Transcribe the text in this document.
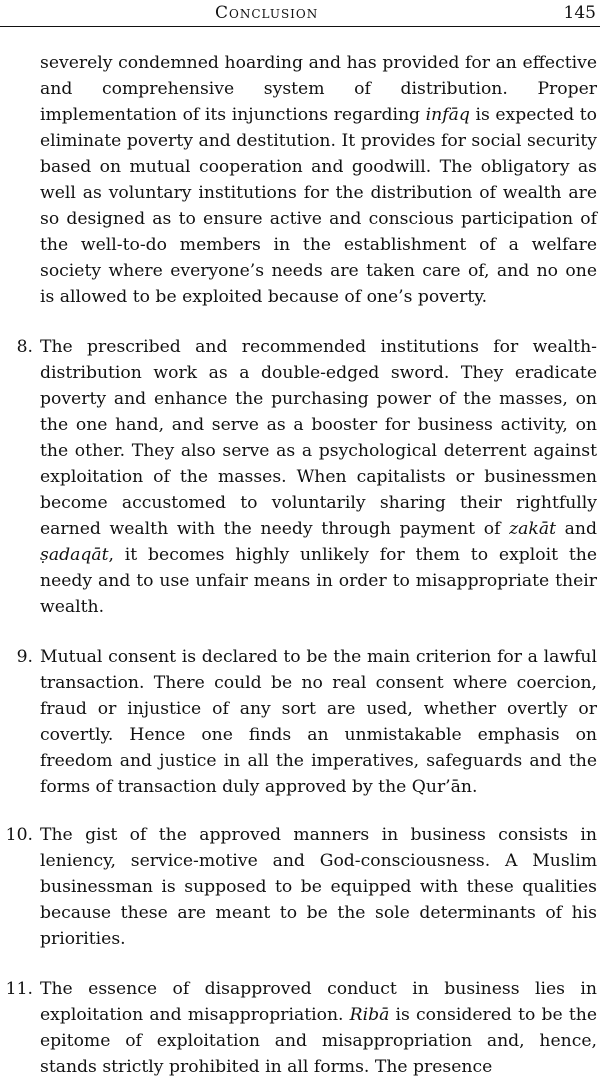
Conclusion	145

severely condemned hoarding and has provided for an effective and comprehensive system of distribution. Proper implementation of its injunctions regarding infāq is expected to eliminate poverty and destitution. It provides for social security based on mutual cooperation and goodwill. The obligatory as well as voluntary institutions for the distribution of wealth are so designed as to ensure active and conscious participation of the well-to-do members in the establishment of a welfare society where everyone’s needs are taken care of, and no one is allowed to be exploited because of one’s poverty.

8. The prescribed and recommended institutions for wealth-distribution work as a double-edged sword. They eradicate poverty and enhance the purchasing power of the masses, on the one hand, and serve as a booster for business activity, on the other. They also serve as a psychological deterrent against exploitation of the masses. When capitalists or businessmen become accustomed to voluntarily sharing their rightfully earned wealth with the needy through payment of zakāt and ṣadaqāt, it becomes highly unlikely for them to exploit the needy and to use unfair means in order to misappropriate their wealth.

9. Mutual consent is declared to be the main criterion for a lawful transaction. There could be no real consent where coercion, fraud or injustice of any sort are used, whether overtly or covertly. Hence one finds an unmistakable emphasis on freedom and justice in all the imperatives, safeguards and the forms of transaction duly approved by the Qur’ān.

10. The gist of the approved manners in business consists in leniency, service-motive and God-consciousness. A Muslim businessman is supposed to be equipped with these qualities because these are meant to be the sole determinants of his priorities.

11. The essence of disapproved conduct in business lies in exploitation and misappropriation. Ribā is considered to be the epitome of exploitation and misappropriation and, hence, stands strictly prohibited in all forms. The presence
